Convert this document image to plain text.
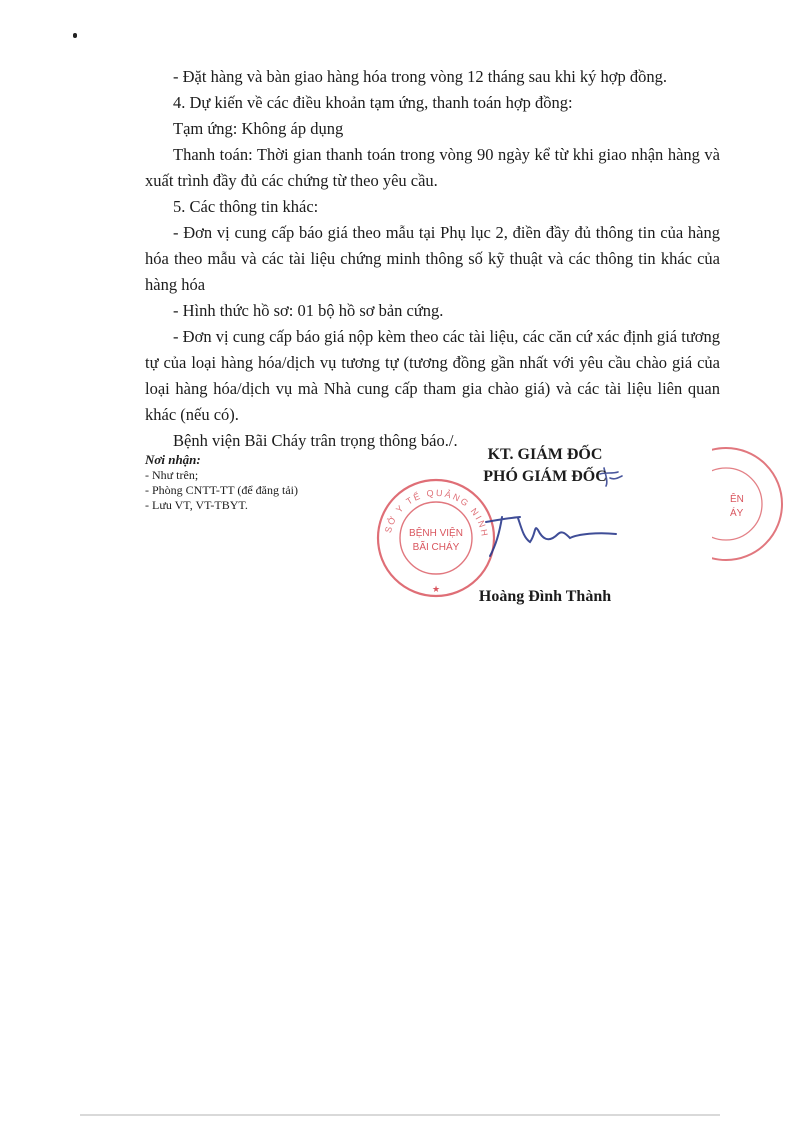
- Đặt hàng và bàn giao hàng hóa trong vòng 12 tháng sau khi ký hợp đồng.

4. Dự kiến về các điều khoản tạm ứng, thanh toán hợp đồng:

Tạm ứng: Không áp dụng

Thanh toán: Thời gian thanh toán trong vòng 90 ngày kể từ khi giao nhận hàng và xuất trình đầy đủ các chứng từ theo yêu cầu.

5. Các thông tin khác:

- Đơn vị cung cấp báo giá theo mẫu tại Phụ lục 2, điền đầy đủ thông tin của hàng hóa theo mẫu và các tài liệu chứng minh thông số kỹ thuật và các thông tin khác của hàng hóa

- Hình thức hồ sơ: 01 bộ hồ sơ bản cứng.

- Đơn vị cung cấp báo giá nộp kèm theo các tài liệu, các căn cứ xác định giá tương tự của loại hàng hóa/dịch vụ tương tự (tương đồng gần nhất với yêu cầu chào giá của loại hàng hóa/dịch vụ mà Nhà cung cấp tham gia chào giá) và các tài liệu liên quan khác (nếu có).

Bệnh viện Bãi Cháy trân trọng thông báo./.

Nơi nhận:
- Như trên;
- Phòng CNTT-TT (để đăng tải)
- Lưu VT, VT-TBYT.
SỞ Y TẾ QUẢNG NINH
BỆNH VIỆN
BÃI CHÁY
★
ÊN
ÁY
KT. GIÁM ĐỐC
PHÓ GIÁM ĐỐC
Hoàng Đình Thành
